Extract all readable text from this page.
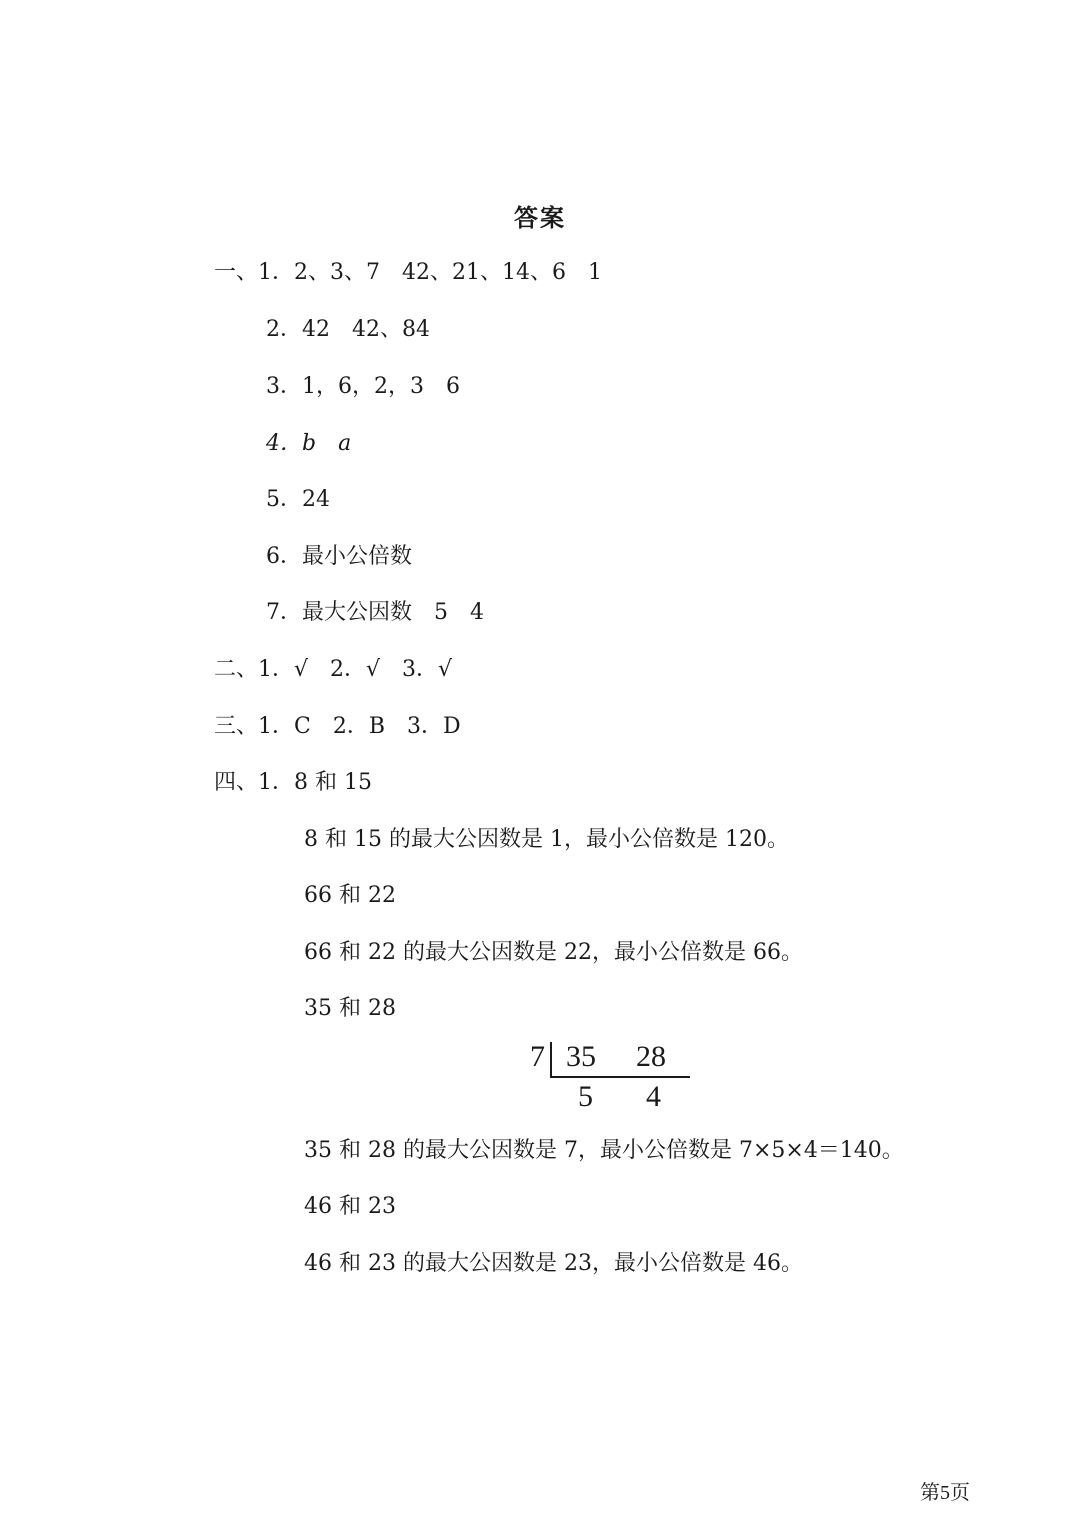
答案
一、1．2、3、7　42、21、14、6　1
2．42　42、84
3．1，6，2，3　6
4．b　a
5．24
6．最小公倍数
7．最大公因数　5　4
二、1．√　2．√　3．√
三、1．C　2．B　3．D
四、1．8 和 15
8 和 15 的最大公因数是 1，最小公倍数是 120。
66 和 22
66 和 22 的最大公因数是 22，最小公倍数是 66。
35 和 28
7 35 28
5 4
35 和 28 的最大公因数是 7，最小公倍数是 7×5×4＝140。
46 和 23
46 和 23 的最大公因数是 23，最小公倍数是 46。
第5页
